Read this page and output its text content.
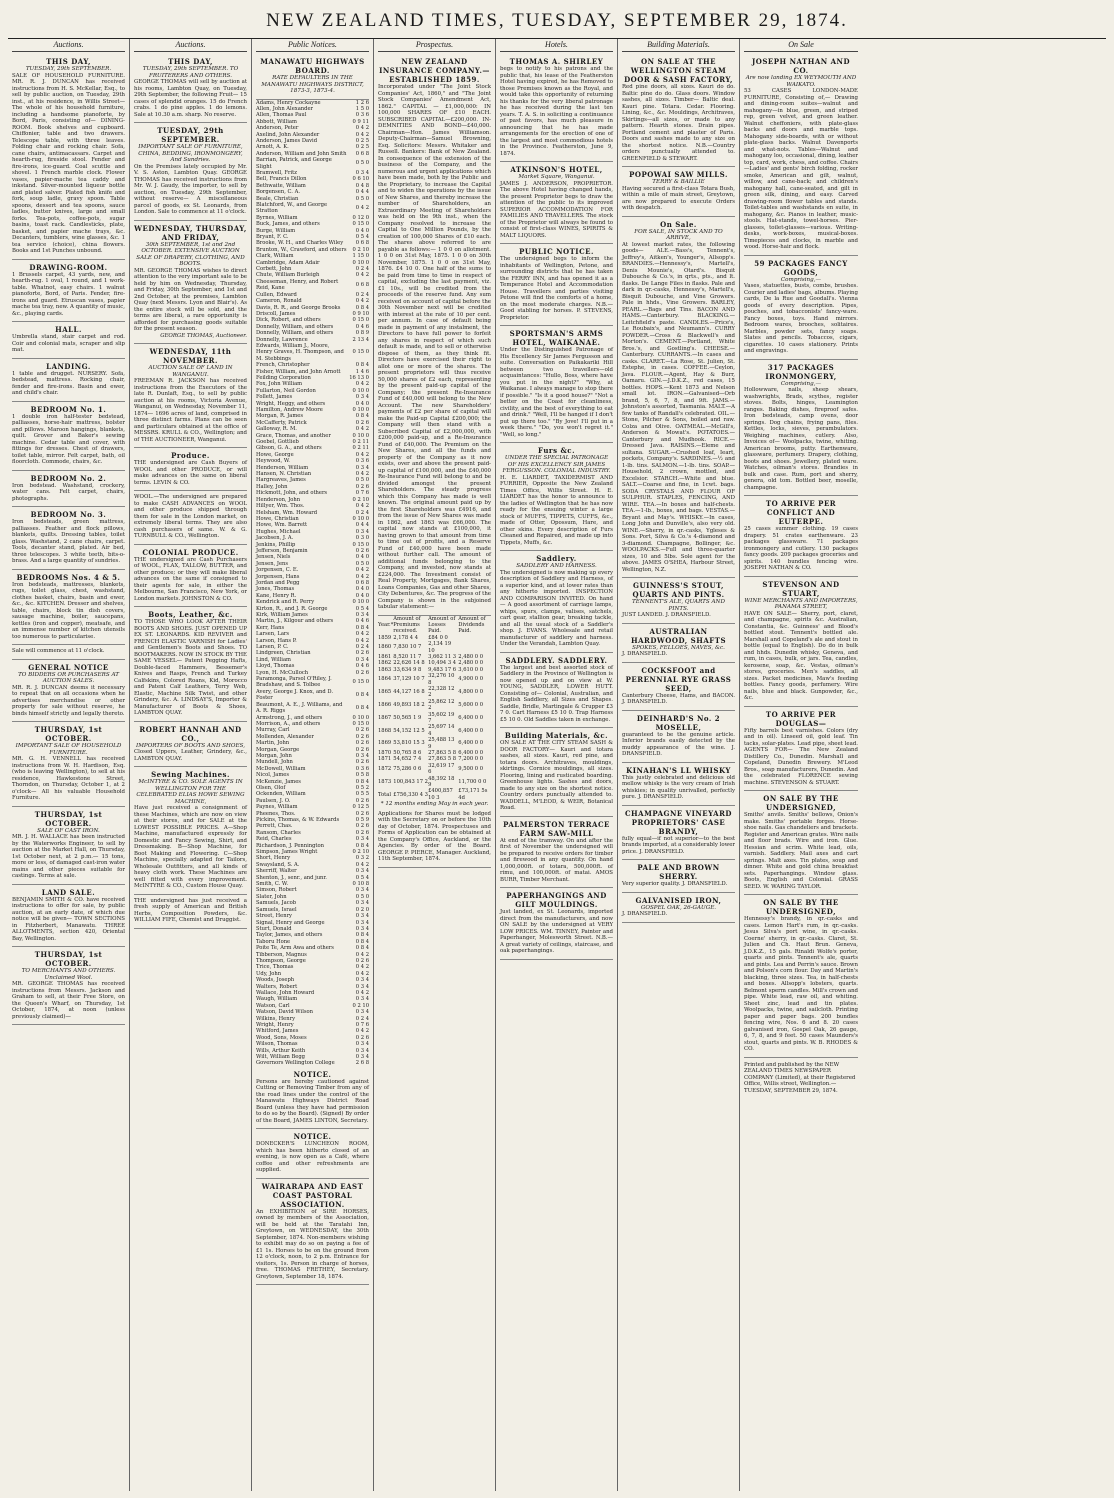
NEW ZEALAND TIMES, TUESDAY, SEPTEMBER 29, 1874.
Auctions.
THIS DAY,
TUESDAY, 29th SEPTEMBER.
SALE OF HOUSEHOLD FURNITURE. MR. R. J. DUNCAN has received instructions from H. S. McKellar, Esq., to sell by public auction, on Tuesday, 29th inst., at his residence, in Willis Street— The whole of his household furniture, including a handsome pianoforte, by Bord, Paris, consisting of— DINING-ROOM. Book shelves and cupboard. Chiffonier, table and two drawers. Telescope table, with three leaves. Folding chair and rocking chair. Sofa, cane chairs, antimacassars. Carpet and hearth-rug, fireside stool. Fender and fire-irons, ice-guard. Coal scuttle and shovel. 1 French marble clock. Flower vases, papier-mache tea caddy and inkstand. Silver-mounted liqueur bottle and plated salver. Plated fish knife and fork, soup ladle, gravy spoon. Table spoons, dessert and tea spoons, sauce ladles, butter knives, large and small forks. Tea-pots, coffee-pots, sugar basins, toast rack. Candlesticks, plate, basket, and papier mache trays, &c. Decanters, tumblers, wine glasses, &c. 1 tea service (choice), china flowers. Books and 1st Punches unbound.
DRAWING-ROOM.
1 Brussels carpet, 43 yards, new, and hearth-rug. 1 oval, 1 round, and 1 work-table. Whatnot, easy chairs. 1 walnut pianoforte, Bord, of Paris. Fender, fire-irons and guard. Etruscan vases, papier mache tea tray, new. A quantity of music, &c., playing cards.
HALL.
Umbrella stand, stair carpet and rod. Coir and colonial mats, scraper and slip mat.
LANDING.
1 table and drugget. NURSERY. Sofa, bedstead, mattress. Rocking chair, fender and fire-irons. Basin and ewer, and child's chair.
BEDROOM No. 1.
1 double iron half-tester bedstead, palliasses, horse-hair mattress, bolster and pillows. Maroon hangings, blankets, quilt. Grover and Baker's sewing machine. Cedar table and cover, with fittings for dresses. Chest of drawers, toilet table, mirror. Felt carpet, bath, oil floorcloth. Commode, chairs, &c.
BEDROOM No. 2.
Iron bedstead. Washstand, crockery, water cans. Felt carpet, chairs, photographs.
BEDROOM No. 3.
Iron bedsteads, green mattress, palliasses. Feather and flock pillows, blankets, quilts. Dressing tables, toilet glass. Washstand, 2 cane chairs, carpet. Tools, decanter stand, plated. Air bed, three telescopes. 3 white teeth, bits-o-brass. And a large quantity of sundries.
BEDROOMS Nos. 4 & 5.
Iron bedsteads, mattresses, blankets, rugs, toilet glass, chest, washstand, clothes basket, chairs, basin and ewer, &c., &c. KITCHEN. Dresser and shelves, table, chairs, block tin dish covers, sausage machine, boiler, saucepans, kettles (iron and copper), meatsafe, and an immense number of kitchen utensils too numerous to particularise.
Sale will commence at 11 o'clock.
GENERAL NOTICE
TO BIDDERS OR PURCHASERS AT AUCTION SALES.
MR. R. J. DUNCAN deems it necessary to repeat that on all occasions when he advertises merchandise or other property for sale without reserve, he binds himself strictly and legally thereto.
THURSDAY, 1st OCTOBER.
IMPORTANT SALE OF HOUSEHOLD FURNITURE.
MR. G. H. VENNELL has received instructions from W. H. Hardison, Esq. (who is leaving Wellington), to sell at his residence, Hawkestone Street, Thorndon, on Thursday, October 1, at 2 o'clock— All his valuable Household Furniture.
THURSDAY, 1st OCTOBER.
SALE OF CAST IRON.
MR. J. H. WALLACE has been instructed by the Waterworks Engineer, to sell by auction at the Market Hall, on Thursday, 1st October next, at 2 p.m.— 15 tons, more or less, of damaged cast-iron water mains and other pieces suitable for castings. Terms at sale.
LAND SALE.
BENJAMIN SMITH & CO. have received instructions to offer for sale, by public auction, at an early date, of which due notice will be given— TOWN SECTIONS in Fitzherbert, Manawatu. THREE ALLOTMENTS, section 420, Oriental Bay, Wellington.
THURSDAY, 1st OCTOBER.
TO MERCHANTS AND OTHERS. Unclaimed Wool.
MR. GEORGE THOMAS has received instructions from Messrs. Jackson and Graham to sell, at their Free Store, on the Queen's Wharf, on Thursday, 1st October, 1874, at noon (unless previously claimed)—
Auctions.
THIS DAY,
TUESDAY, 29th SEPTEMBER. TO FRUITERERS AND OTHERS.
GEORGE THOMAS will sell by auction at his rooms, Lambton Quay, on Tuesday, 29th September, the following Fruit— 15 cases of splendid oranges. 15 do French crabs. 1 do pine apples. 1 do lemons. Sale at 10.30 a.m. sharp. No reserve.
TUESDAY, 29th SEPTEMBER.
IMPORTANT SALE OF FURNITURE, CHINA, BEDDING, IRONMONGERY, And Sundries.
On the Premises lately occupied by Mr. V. S. Aston, Lambton Quay. GEORGE THOMAS has received instructions from Mr. W. J. Gaudy, the importer, to sell by auction, on Tuesday, 29th September, without reserve— A miscellaneous parcel of goods, ex St. Leonards, from London. Sale to commence at 11 o'clock.
WEDNESDAY, THURSDAY, AND FRIDAY,
30th SEPTEMBER, 1st and 2nd OCTOBER. EXTENSIVE AUCTION SALE OF DRAPERY, CLOTHING, AND BOOTS.
MR. GEORGE THOMAS wishes to direct attention to the very important sale to be held by him on Wednesday, Thursday, and Friday, 30th September, and 1st and 2nd October, at the premises, Lambton Quay (next Messrs. Lyon and Blair's). As the entire stock will be sold, and the terms are liberal, a rare opportunity is afforded for purchasing goods suitable for the present season.
GEORGE THOMAS, Auctioneer.
WEDNESDAY, 11th NOVEMBER.
AUCTION SALE OF LAND IN WANGANUI.
FREEMAN R. JACKSON has received instructions from the Executors of the late R. Dunlaft, Esq., to sell by public auction at his rooms, Victoria Avenue, Wanganui, on Wednesday, November 11, 1874— 1696 acres of land, comprised in three distinct farms. Plans can be seen and particulars obtained at the office of MESSRS. KRULL & CO., Wellington; and of THE AUCTIONEER, Wanganui.
Produce.
THE undersigned are Cash Buyers of WOOL and other PRODUCE, or will make advances on the same on liberal terms. LEVIN & CO.
WOOL.—The undersigned are prepared to make CASH ADVANCES on WOOL and other produce shipped through them for sale in the London market, on extremely liberal terms. They are also cash purchasers of same. W. & G. TURNBULL & CO., Wellington.
COLONIAL PRODUCE.
THE undersigned are Cash Purchasers of WOOL, FLAX, TALLOW, BUTTER, and other produce; or they will make liberal advances on the same if consigned to their agents for sale, in either the Melbourne, San Francisco, New York, or London markets. JOHNSTON & CO.
Boots, Leather, &c.
TO THOSE WHO LOOK AFTER THEIR BOOTS AND SHOES. JUST OPENED UP EX ST. LEONARDS. KID REVIVER and FRENCH ELASTIC VARNISH for Ladies' and Gentlemen's Boots and Shoes. TO BOOTMAKERS. NOW IN STOCK BY THE SAME VESSEL— Patent Pegging Hafts, Double-faced Hammers, Bessemer's Knives and Rasps, French and Turkey Calfskins, Colored Roans, Kid, Morocco and Patent Calf Leathers, Terry Web, Elastic, Machine Silk Twist, and other Grindery, &c. A. LINDSAY'S, Importer & Manufacturer of Boots & Shoes, LAMBTON QUAY.
ROBERT HANNAH AND CO.,
IMPORTERS OF BOOTS AND SHOES,
Closed Uppers, Leather, Grindery, &c., LAMBTON QUAY.
Sewing Machines.
McINTYRE & CO. SOLE AGENTS IN WELLINGTON FOR THE CELEBRATED ELIAS HOWE SEWING MACHINE,
Have just received a consignment of these Machines, which are now on view at their stores, and for SALE at the LOWEST POSSIBLE PRICES. A—Shop Machine, manufactured expressly for Domestic and Fancy Sewing, Shirt, and Dressmaking. B—Shop Machine, for Boot Making and Flowering. C—Shop Machine, specially adapted for Tailors, Wholesale Outfitters, and all kinds of heavy cloth work. These Machines are well fitted with every improvement. McINTYRE & CO., Custom House Quay.
THE undersigned has just received a fresh supply of American and British Herbs, Composition Powders, &c. WILLIAM FIFE, Chemist and Druggist.
Public Notices.
MANAWATU HIGHWAYS BOARD.
RATE DEFAULTERS IN THE MANAWATU HIGHWAYS DISTRICT, 1873-3, 1873-4.
Adams, Henry Cockayne	1 2 6
Allen, John Alexander	1 5 0
Allen, Thomas Paul	0 3 6
Abbott, William	0 9 11
Anderson, Peter	0 4 2
Axelind, John Alexander	0 4 2
Anderson, James David	0 2 5
Arnott, A. K.	0 2 5
Anderson, William and John Smith	0 6 8
Barrian, Patrick, and George Slight	0 5 0
Bramwell, Fritz	0 3 4
Bell, Francis Dillon	0 6 10
Bethwaite, William	0 4 8
Borgensen, C. A.	0 4 4
Beale, Christian	0 5 0
Blatchford, W., and George Stratton	0 4 2
Byrnes, William	0 12 0
Buck, James, and others	0 15 0
Burge, William	0 4 0
Bryant, F. C.	0 5 4
Brooke, W. H., and Charles Wiley	0 6 8
Brunton, W., Crawford, and others	0 2 10
Clark, William	1 15 0
Cambridge, Adam Adair	0 10 0
Corbett, John	0 2 4
Chute, William Burleigh	0 4 2
Cheeseman, Henry, and Robert Reid, Kane	0 6 8
Cullen, Edward	0 2 4
Cameron, Ronald	0 4 2
Davis, R. R., and George Brooks	0 8 4
Driscoll, James	0 9 10
Dick, Robert, and others	0 15 0
Donnelly, William, and others	0 4 6
Donnelly, William, and others	0 8 9
Donnelly, Lawrence	2 13 4
Edwards, William J., Moore, Henry Graves, H. Thompson, and M. Stebbings	0 15 0
French, Christopher	0 8 4
Fisher, William, and John Arnott	1 4 6
Feilding Corporation	16 13 0
Fox, John William	0 4 2
Fullarton, Neil Gordon	0 10 0
Follett, James	0 3 4
Wright, Heggy, and others	0 4 0
Hamilton, Andrew Moore	0 10 0
Morgan, R. James	0 8 4
McCafferty, Patrick	0 2 6
Galloway, R. M.	0 4 2
Grace, Thomas, and another	0 10 0
Goebel, Gottlieb	0 2 11
Gibson, G. A., and others	0 2 11
Howe, George	0 4 2
Heywood, W.	0 3 6
Henderson, William	0 3 4
Hansen, N. Christian	0 4 2
Hargreaves, James	0 5 0
Halley, John	0 2 6
Hickmott, John, and others	0 7 6
Henderson, John	0 2 10
Hillyer, Wm. Thos.	0 4 2
Helsham, Wm. Howard	0 2 4
Howe, Christian	0 10 0
Howe, Wm. Barrett	0 4 4
Hughes, Michael	0 3 4
Jacobsen, J. A.	0 3 0
Jenkins, Phillip	0 15 0
Jefferson, Benjamin	0 2 6
Jensen, Niels	0 4 0
Jensen, Jens	0 5 0
Jorgensen, C. E.	0 4 2
Jorgensen, Hans	0 4 2
Jordan and Pegg	0 6 8
Jones, Thomas	0 4 0
Kane, Henry R.	0 4 0
Kendrick and R. Perry	0 10 0
Kirton, R., and J. R. George	0 5 4
Kirk, William James	0 3 4
Martin, J., Kilgour and others	0 4 6
Kerr, Hans	0 8 4
Larsen, Lars	0 4 2
Larson, Hans P.	0 4 2
Larsen, P. C.	0 2 4
Lindgreen, Christian	0 2 6
Lind, William	0 3 4
Lloyd, Thomas	0 4 6
Lyon, H. McCulloch	0 2 6
Paramonga, Parsol O'Riley, J. Bradshaw, and S. Tolbee	0 15 0
Avery, George J. Knox, and D. Foster	0 8 4
Beaumont, A. E., J. Williams, and A. R. Riggs	0 8 4
Armstrong, J., and others	0 10 0
Morrison, A., and others	0 15 0
Murray, Carl	0 2 6
Mollenden, Alexander	0 2 6
Martin, John	0 2 6
Morgan, George	0 2 6
Morgan, John	0 3 4
Mundell, John	0 2 6
McDowell, William	0 3 6
Nicol, James	0 5 8
McKenzie, James	0 8 4
Olsen, Olof	0 5 2
Ockenden, William	0 5 5
Paulsen, J. O.	0 2 6
Paynes, William	0 12 5
Pheenes, Thos.	0 2 6
Pickins, Thomas, & W. Edwards	0 5 9
Perrett, Chas.	0 2 6
Ransom, Charles	0 2 6
Reid, Charles	0 3 4
Richardson, J. Pennington	0 8 4
Simpson, James Wright	0 2 10
Short, Henry	0 3 2
Swaysland, S. A.	0 4 2
Sherriff, Walter	0 3 4
Shenton, J., senr., and junr.	0 5 4
Smith, C. W.	0 10 8
Simson, Robert	0 3 4
Slater, John	0 5 0
Samuels, Jacob	0 3 4
Samuels, Israel	0 2 0
Street, Henry	0 3 4
Signal, Henry and George	0 3 4
Sturt, Donald	0 3 4
Taylor, James, and others	0 8 4
Taboru Hone	0 8 4
Poite Te, Arm Awa and others	0 8 4
Tibberson, Magnus	0 4 2
Thompson, George	0 2 6
Trice, Thomas	0 4 2
Udy, John	0 4 2
Woods, Joseph	0 3 4
Walters, Robert	0 3 4
Wallace, John Howard	0 4 2
Waugh, William	0 3 4
Watson, Carl	0 2 10
Watson, David Wilson	0 3 4
Wilkins, Henry	0 2 4
Wright, Henry	0 7 6
Whitford, James	0 4 2
Wood, Sons, Moses	0 2 6
Wilson, Thomas	0 3 4
Wills, Arthur Keith	0 3 4
Wilt, William Begg	0 3 4
Governors Wellington College	2 6 8
NOTICE.
Persons are hereby cautioned against Cutting or Removing Timber from any of the road lines under the control of the Manawatu Highways District Road Board (unless they have had permission to do so by the Board). (Signed) By order of the Board, JAMES LINTON, Secretary.
NOTICE.
DONECKER'S LUNCHEON ROOM, which has been hitherto closed of an evening, is now open as a Café, where coffee and other refreshments are supplied.
WAIRARAPA AND EAST COAST PASTORAL ASSOCIATION.
An EXHIBITION of SIRE HORSES, owned by members of the Association, will be held at the Taratahi Inn, Greytown, on WEDNESDAY, the 30th September, 1874. Non-members wishing to exhibit may do so on paying a fee of £1 1s. Horses to be on the ground from 12 o'clock, noon, to 2 p.m. Entrance for visitors, 1s. Person in charge of horses, free. THOMAS FRETHEY, Secretary. Greytown, September 18, 1874.
Prospectus.
NEW ZEALAND INSURANCE COMPANY.—ESTABLISHED 1859.
Incorporated under "The Joint Stock Companies' Act, 1860," and "The Joint Stock Companies' Amendment Act, 1862." CAPITAL — £1,000,000: IN 100,000 SHARES OF £10 EACH. SUBSCRIBED CAPITAL—£200,000. IN-DEMNITIES AND BOND—£40,000. Chairman—Hon. James Williamson. Deputy-Chairman—Samuel Browning, Esq. Solicitors: Messrs. Whitaker and Russell. Bankers: Bank of New Zealand. In consequence of the extension of the business of the Company, and the numerous and urgent applications which have been made, both by the Public and the Proprietary, to increase the Capital and to widen the operations by the issue of New Shares, and thereby increase the number of Shareholders, an Extraordinary Meeting of Shareholders was held on the 9th inst., when the Company resolved to increase the Capital to One Million Pounds, by the creation of 100,000 Shares of £10 each. The shares above referred to are payable as follows:— 1 0 0 on allotment. 1 0 0 on 31st May, 1875. 1 0 0 on 30th November, 1875. 1 0 0 on 31st May, 1876. £4 10 0. One half of the sums to be paid from time to time in respect of capital, excluding the last payment, viz. £1 10s., will be credited from the proceeds of the reserve fund. Any sum received on account of capital before the 30th November next will be credited with interest at the rate of 10 per cent. per annum. In case of default being made in payment of any instalment, the Directors to have full power to forfeit any shares in respect of which such default is made, and to sell or otherwise dispose of them, as they think fit. Directors have exercised their right to allot one or more of the shares. The present proprietors will thus receive 50,000 shares of £2 each, representing by the present paid-up capital of the Company; the present Re-Insurance Fund of £40,000 will belong to the New Account. The new Shareholders' payments of £2 per share of capital will make the Paid-up Capital £200,000; the Company will then stand with a Subscribed Capital of £2,000,000, with £200,000 paid-up, and a Re-Insurance Fund of £40,000. The Premium on the New Shares, and all the funds and property of the Company as it now exists, over and above the present paid-up capital of £100,000, and the £40,000 Re-Insurance Fund will belong to and be divided amongst the present Shareholders. The steady progress which this Company has made is well known. The original amount paid up by the first Shareholders was £4916, and from the issue of New Shares was made in 1862, and 1863 was £66,000. The capital now stands at £100,000, it having grown to that amount from time to time out of profits, and a Reserve Fund of £40,000 have been made without further call. The amount of additional funds belonging to the Company, and invested, now stands at £224,000. The Investment consist of Real Property, Mortgages, Bank Shares, Loans Companies, Gas and other Shares, City Debentures, &c. The progress of the Company is shown in the subjoined tabular statement:—
Year.*	Amount of Premiums received.	Amount of Losses Paid.	Amount of Dividends Paid.
1859	2,178 4 4	£84 0 0	
1860	7,830 10 7	2,134 19 10	
1861	8,520 11 7	3,662 11 3	2,480 0 0
1862	22,626 14 8	10,494 3 4	2,480 0 0
1863	33,634 9 8	9,483 17 6	3,610 0 0
1864	37,129 10 7	32,276 10 8	4,900 0 0
1865	44,127 16 8	22,328 12 2	4,800 0 0
1866	49,893 18 2	25,862 12 2	5,600 0 0
1867	50,565 1 9	35,602 19 7	6,400 0 0
1868	54,152 12 5	25,697 14 4	6,400 0 0
1869	53,810 15 3	25,488 13 9	6,400 0 0
1870	50,765 8 6	27,863 5 8	6,400 0 0
1871	54,652 7 4	27,863 5 8	7,200 0 0
1872	75,286 0 6	32,619 17 6	9,500 0 0
1873	100,843 17 2	48,392 18 9	11,700 0 0
Total	£756,330 4 3	£400,857 10 3	£73,171 5s 4d
* 12 months ending May in each year.
Applications for Shares must be lodged with the Secretary on or before the 10th day of October, 1874. Prospectuses and Forms of Application can be obtained at the Company's Office, Auckland, or the Agencies. By order of the Board. GEORGE P. PIERCE, Manager. Auckland, 11th September, 1874.
Hotels.
THOMAS A. SHIRLEY
begs to notify to his patrons and the public that, his lease of the Featherston Hotel having expired, he has Removed to those Premises known as the Royal, and would take this opportunity of returning his thanks for the very liberal patronage he has received during the last ten years. T. A. S. in soliciting a continuance of past favors, has much pleasure in announcing that he has made arrangements for the erection of one of the largest and most commodious hotels in the Province. Featherston, June 9, 1874.
ATKINSON'S HOTEL,
Market Square, Wanganui.
JAMES J. ANDERSON, PROPRIETOR. The above Hotel having changed hands, the present Proprietor begs to draw the attention of the public to its improved SUPERIOR ACCOMMODATION FOR FAMILIES AND TRAVELLERS. The stock of the Proprietor will always be found to consist of first-class WINES, SPIRITS & MALT LIQUORS.
PUBLIC NOTICE.
The undersigned begs to inform the inhabitants of Wellington, Petone, and surrounding districts that he has taken the FERRY INN, and has opened it as a Temperance Hotel and Accommodation House. Travellers and parties visiting Petone will find the comforts of a home, on the most moderate charges. N.B.—Good stabling for horses. P. STEVENS, Proprietor.
SPORTSMAN'S ARMS HOTEL, WAIKANAE.
Under the Distinguished Patronage of His Excellency Sir James Fergusson and suite. Conversation on Paikakariki Hill between two travellers—old acquaintances: "Hullo, Boss, where have you put in the night?" "Why, at Waikanae. I always manage to stop there if possible." "Is it a good house?" "Not a better on the Coast for cleanliness, civility, and the best of everything to eat and drink." "Well, I'll be hanged if I don't put up there too." "By Jove! I'll put in a week there." "Do, you won't regret it." "Well, so long."
Furs &c.
UNDER THE SPECIAL PATRONAGE OF HIS EXCELLENCY SIR JAMES FERGUSSON. COLONIAL INDUSTRY.
H. E. LIARDET, TAXIDERMIST AND FURRIER, Opposite the New Zealand Times Office, Willis Street. H. E. LIARDET has the honor to announce to the ladies of Wellington that he has now ready for the ensuing winter a large stock of MUFFS, TIPPETS, CUFFS, &c., made of Otter, Opossum, Hare, and other skins. Every description of Furs Cleaned and Repaired, and made up into Tippets, Muffs, &c.
Saddlery.
SADDLERY AND HARNESS.
The undersigned is now making up every description of Saddlery and Harness, of a superior kind, and at lower rates than any hitherto imported. INSPECTION AND COMPARISON INVITED. On hand— A good assortment of carriage lamps, whips, spurs, clamps, valises, satchels, cart gear, stallion gear, breaking tackle, and all the usual stock of a Saddler's shop. J. EVANS. Wholesale and retail manufacturer of saddlery and harness. Under the Verandah, Lambton Quay.
SADDLERY. SADDLERY.
The largest and best assorted stock of Saddlery in the Province of Wellington is now opened up and on view at W. YOUNG, SADDLER, LOWER HUTT. Consisting of— Colonial, Australian, and English Saddlery, all Sizes and Shapes. Saddle, Bridle, Martingale & Crupper £3 7 0. Cart Harness £5 10 0. Trap Harness £5 10 0. Old Saddles taken in exchange.
Building Materials, &c.
ON SALE AT THE CITY STEAM SASH & DOOR FACTORY— Kauri and totara sashes, all sizes. Kauri, red pine, and totara doors. Architraves, mouldings, skirtings. Cornice mouldings, all sizes. Flooring, lining and rusticated boarding. Greenhouse lights. Sashes and doors, made to any size on the shortest notice. Country orders punctually attended to. WADDELL, M'LEOD, & WEIR, Botanical Road.
PALMERSTON TERRACE FARM SAW-MILL
At end of the tramway. On and after the first of November the undersigned will be prepared to receive orders for timber and firewood in any quantity. On hand 1,000,000ft. of totara, 500,000ft. of rimu, and 100,000ft. of matai. AMOS BURR, Timber Merchant.
PAPERHANGINGS AND GILT MOULDINGS.
Just landed, ex St. Leonards, imported direct from the manufacturers, and now ON SALE by the undersigned at VERY LOW PRICES. WM. TINNEY, Painter and Paperhanger, Molesworth Street. N.B.—A great variety of ceilings, staircase, and oak paperhangings.
Building Materials.
ON SALE AT THE WELLINGTON STEAM DOOR & SASH FACTORY,
Red pine doors, all sizes. Kauri do do. Baltic pine do do. Glass doors. Window sashes, all sizes. Timber— Baltic deal. Kauri pine. Totara. Cedar. Flooring. Lining, &c., &c. Mouldings, Architraves, Skirtings—all sizes, or made to any pattern. Hearth stones. Drain pipes. Portland cement and plaster of Paris. Doors and sashes made to any size on the shortest notice. N.B.—Country orders punctually attended to. GREENFIELD & STEWART.
POPOWAI SAW MILLS.
TERRY & BAILLIE
Having secured a first-class Totara Bush, within a mile of main street, Greytown, are now prepared to execute Orders with despatch.
On Sale.
FOR SALE, IN STOCK AND TO ARRIVE,
At lowest market rates, the following goods— ALE.—Bass's, Tennent's, Jeffrey's, Aitken's, Younger's, Allsopp's. BRANDIES.—Hennessy's, Martell's, Denis Mounie's, Otard's. Bisquit Dubouche & Co.'s, in qrts., pts., and lt. flasks. De Lange Files in flasks. Pale and dark in qr.-casks, Hennessy's, Martell's, Bisquit Dubouche, and Vine Growers. Pale in hhds., Vine Growers. BARLEY, PEARL.—Bags and Tins. BACON AND HAMS.—Canterbury. BLACKING.—Leitchfield's paste. CANDLES.—Price's, Le Roubaix's, and Neumann's. CURRY POWDER.—Cross & Blackwell's and Morton's. CEMENT.—Portland, White Bros.'s, and Gostling's. CHEESE.—Canterbury. CURRANTS.—In cases and casks. CLARET.—La Rose, St. Julien, St. Estephe, in cases. COFFEE.—Ceylon, Java. FLOUR.—Agent, Hay & Burr, Oamaru. GIN.—J.D.K.Z., red cases, 15 bottles. HOPS.—Kent 1873 and Nelson small lot. IRON.—Galvanised—Orb brand, 5, 6, 7, 8, and 9ft. JAMS.—Johnston's assorted, Tasmania. MALT.—A few tanks of Randall's celebrated. OIL.—Stone, Pilcher & Sons, boiled and raw. Colza and Olive. OATMEAL.—McGill's, Anderson & Mowat's. POTATOES.—Canterbury and Mudhook. RICE.—Dressed Java. RAISINS.—Eleme and sultana. SUGAR.—Crushed loaf, Ieart, pockets, Company's. SARDINES.—½ and 1-lb. tins. SALMON.—1-lb. tins. SOAP.—Household, 2 crown, mottled, and Excelsior. STARCH.—White and blue. SALT.—Coarse and fine, in 1cwt. bags. SODA CRYSTALS AND FLOUR OF SULPHUR. STAPLES, FENCING, AND WIRE. TEA.—In boxes and half-chests. TEA.—1-lb., boxes, and bags. VESTAS.—Bryant and May's. WHISKY.—In cases, Long John and Dunville's, also very old. WINE.—Sherry, in qr.-casks, Ygleses & Sons. Port, Silva & Co.'s 4-diamond and 3-diamond. Champagne, Bollinger, &c. WOOLPACKS.—Full and three-quarter sizes, 10 and 5lbs. Sole agent for the above. JAMES O'SHEA, Harbour Street, Wellington, N.Z.
GUINNESS'S STOUT, QUARTS AND PINTS.
TENNENT'S ALE, QUARTS AND PINTS.
JUST LANDED. J. DRANSFIELD.
AUSTRALIAN HARDWOOD, SHAFTS
SPOKES, FELLOES, NAVES, &c.
J. DRANSFIELD.
COCKSFOOT and PERENNIAL RYE GRASS SEED,
Canterbury Cheese, Hams, and BACON. J. DRANSFIELD.
DEINHARD'S No. 2 MOSELLE,
guaranteed to be the genuine article. Inferior brands easily detected by the muddy appearance of the wine. J. DRANSFIELD.
KINAHAN'S LL WHISKY
This justly celebrated and delicious old mellow whisky is the very cream of Irish whiskies; in quality unrivalled, perfectly pure. J. DRANSFIELD.
CHAMPAGNE VINEYARD PROPRIETORS' CASE BRANDY,
fully equal—if not superior—to the best brands imported, at a considerably lower price. J. DRANSFIELD.
PALE AND BROWN SHERRY.
Very superior quality. J. DRANSFIELD.
GALVANISED IRON,
GOSPEL OAK, 26-GAUGE.
J. DRANSFIELD.
On Sale
JOSEPH NATHAN AND CO.
Are now landing EX WEYMOUTH AND WAIKATO.
53 CASES LONDON-MADE FURNITURE, Consisting of,— Drawing and dining-room suites—walnut and mahogany—in blue, green, and striped rep, green velvet, and green leather. Walnut cheffoniers, with plate-glass backs and doors and marble tops. Mahogany side-boards, with or without plate-glass backs. Walnut Davenports and what-nots. Tables—Walnut and mahogany loo, occasional, dining, leather top, card, work, chess, and coffee. Chairs—Ladies' and gents' birch folding, rocker smoke, American and gilt, walnut, willow, and cane-back; and children's mahogany hall, cane-seated, and gilt in green silk, dining, and easy. Carved drawing-room flower tables and stands. Toilet-tables and washstands en suite, in mahogany, &c. Pianos in leather, music-stools. Hat-stands, towel-horses. Pier-glasses, toilet-glasses—various. Writing-desks, work-boxes, musical-boxes. Timepieces and clocks, in marble and wood. Horse-hair and flock.
59 PACKAGES FANCY GOODS,
Comprising,—
Vases, statuettes, busts, combs, brushes. Courier and ladies' bags, albums. Playing cards, De la Rue and Goodall's. Vienna goods of every description. Pipes, pouches, and tobacconists' fancy-ware. Fancy boxes, toys. Hand mirrors. Bedroom wares, brooches, solitaires. Marbles, powder sets, fancy soaps. Slates and pencils. Tobaccos, cigars, cigarettes. 10 cases stationery. Prints and engravings.
317 PACKAGES IRONMONGERY,
Comprising,—
Hollowware, nails, sheep shears, washwrights, Brads, scythes, register stoves. Bolts, hinges, Leamington ranges. Baking dishes, fireproof safes. Iron bedsteads, camp ovens, door springs. Dog chains, frying pans, files. Kettles, locks, sieves, perambulators. Weighing machines, cutlery. Also, Invoices of— Woolpacks, twine, whiting. American brooms, putty. Earthenware, glassware, perfumery. Drapery, clothing, boots and shoes. Jewellery, plated ware. Watches, oilman's stores. Brandies in bulk and case. Rum, port and sherry, genera, old tom. Bottled beer, moselle, champagne.
TO ARRIVE PER CONFLICT AND EUTERPE.
25 cases summer clothing. 19 cases drapery. 51 crates earthenware. 23 packages glassware. 71 packages ironmongery and cutlery. 130 packages fancy goods. 209 packages groceries and spirits. 140 bundles fencing wire. JOSEPH NATHAN & CO.
STEVENSON AND STUART,
WINE MERCHANTS AND IMPORTERS, PANAMA STREET,
HAVE ON SALE— Sherry, port, claret, and champagne, spirits &c. Australian, Constantia, &c. Guinness' and Blood's bottled stout. Tennent's bottled ale. Marshall and Copeland's ale and stout in bottle (equal to English). Do do in bulk and hhds. Dunedin whisky, Geneva, and rum, in cases, bulk, or jars. Tea, candles, kerosene, soap, &c. Vestas, oilman's stores, groceries. Men's saddles, all sizes. Packet medicines, Maw's feeding bottles. Fancy goods, perfumery. Wire nails, blue and black. Gunpowder, &c., &c.
TO ARRIVE PER DOUGLAS—
Fifty barrels best varnishes. Colors (dry and in oil). Linseed oil, gold leaf. Tin tacks, solar-plates. Lead pipe, sheet lead. AGENTS FOR— The New Zealand Distillery Co., Dunedin. Marshall and Copeland, Dunedin Brewery. M'Leod Bros., soap manufacturers, Dunedin. And the celebrated FLORENCE sewing machine. STEVENSON & STUART.
ON SALE BY THE UNDERSIGNED,
Smiths' anvils. Smiths' bellows, Onion's make. Smiths' portable forges. Horse-shoe nails. Gas chandeliers and brackets. Register and American grates. Wire nails and floor brads. Wire and iron. Glue. Hessian and scrim. White lead, oils, varnish. Saddlery. Mail axes and cart springs. Malt axes. Tin plates, soup and dinner. White and gold china breakfast sets. Paperhangings. Window glass. Boots, English and Colonial. GRASS SEED. W. WARING TAYLOR.
ON SALE BY THE UNDERSIGNED,
Hennessy's brandy, in qr.-casks and cases. Lemon Hart's rum, in qr.-casks. Jesus Silva's port wine, in qr.-casks. Coerne' sherry, in qr.-casks. Claret, St. Julien and Ch. Haut Brun. Geneva, J.D.K.Z., 15 gals. Rinaldi Wolfe's porter, quarts and pints. Tennent's ale, quarts and pints. Lea and Perrin's sauce. Brown and Polson's corn flour. Day and Martin's blacking, three sizes. Tea, in half-chests and boxes. Allsopp's lobsters, quarts. Belmont sperm candles. Mill's crown and pipe. White lead, raw oil, and whiting. Sheet zinc, lead and tin plates. Woolpacks, twine, and sailcloth. Printing paper and paper bags. 200 bundles fencing wire, Nos. 6 and 8. 20 cases galvanised iron, Gospel Oak, 26 gauge, 6, 7, 8, and 9 feet. 50 cases Maunders's stout, quarts and pints. W. B. RHODES & CO.
Printed and published by the NEW ZEALAND TIMES NEWSPAPER COMPANY (Limited), at their Registered Office, Willis street, Wellington.—TUESDAY, SEPTEMBER 29, 1874.
